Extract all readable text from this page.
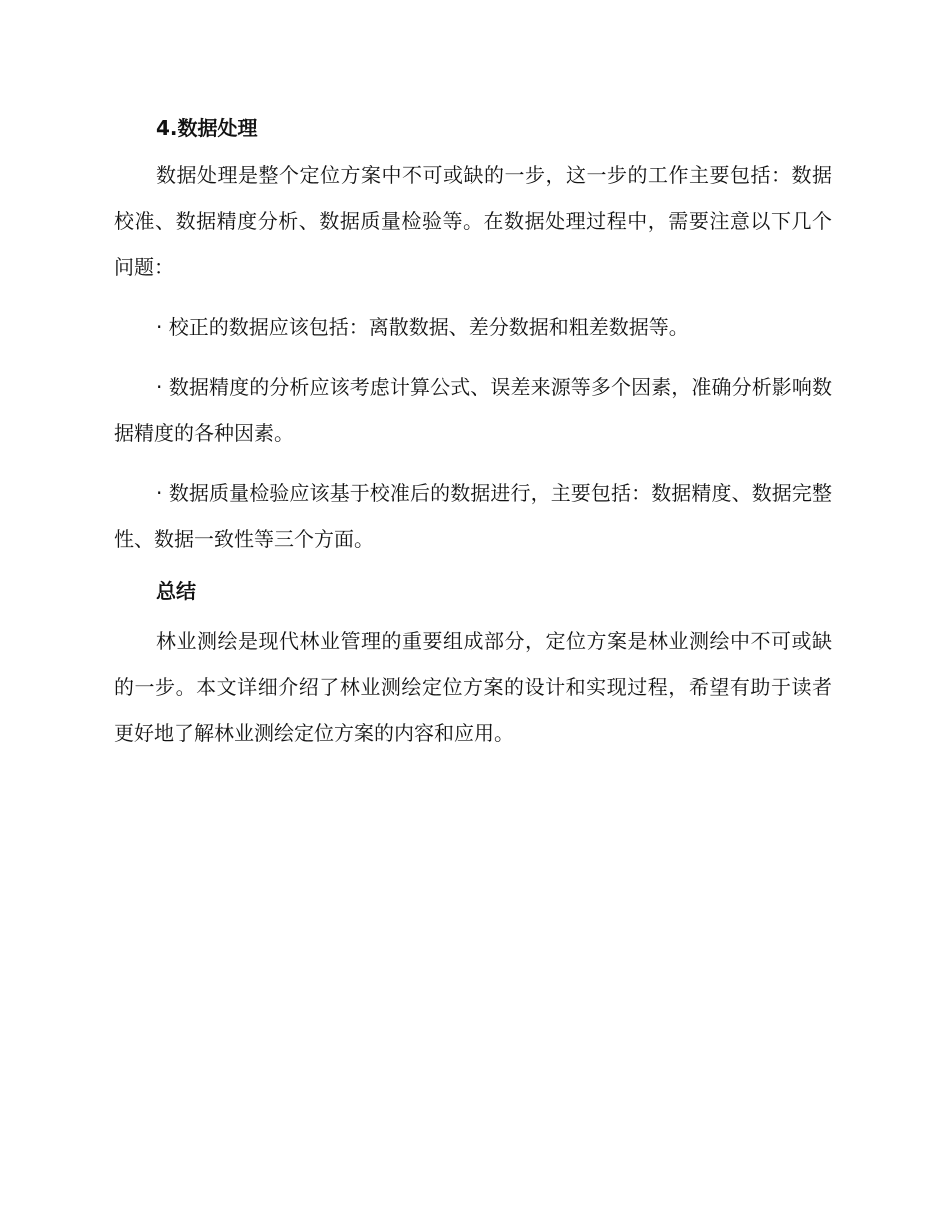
4.数据处理

数据处理是整个定位方案中不可或缺的一步，这一步的工作主要包括：数据校准、数据精度分析、数据质量检验等。在数据处理过程中，需要注意以下几个问题：

· 校正的数据应该包括：离散数据、差分数据和粗差数据等。

· 数据精度的分析应该考虑计算公式、误差来源等多个因素，准确分析影响数据精度的各种因素。

· 数据质量检验应该基于校准后的数据进行，主要包括：数据精度、数据完整性、数据一致性等三个方面。

总结

林业测绘是现代林业管理的重要组成部分，定位方案是林业测绘中不可或缺的一步。本文详细介绍了林业测绘定位方案的设计和实现过程，希望有助于读者更好地了解林业测绘定位方案的内容和应用。
